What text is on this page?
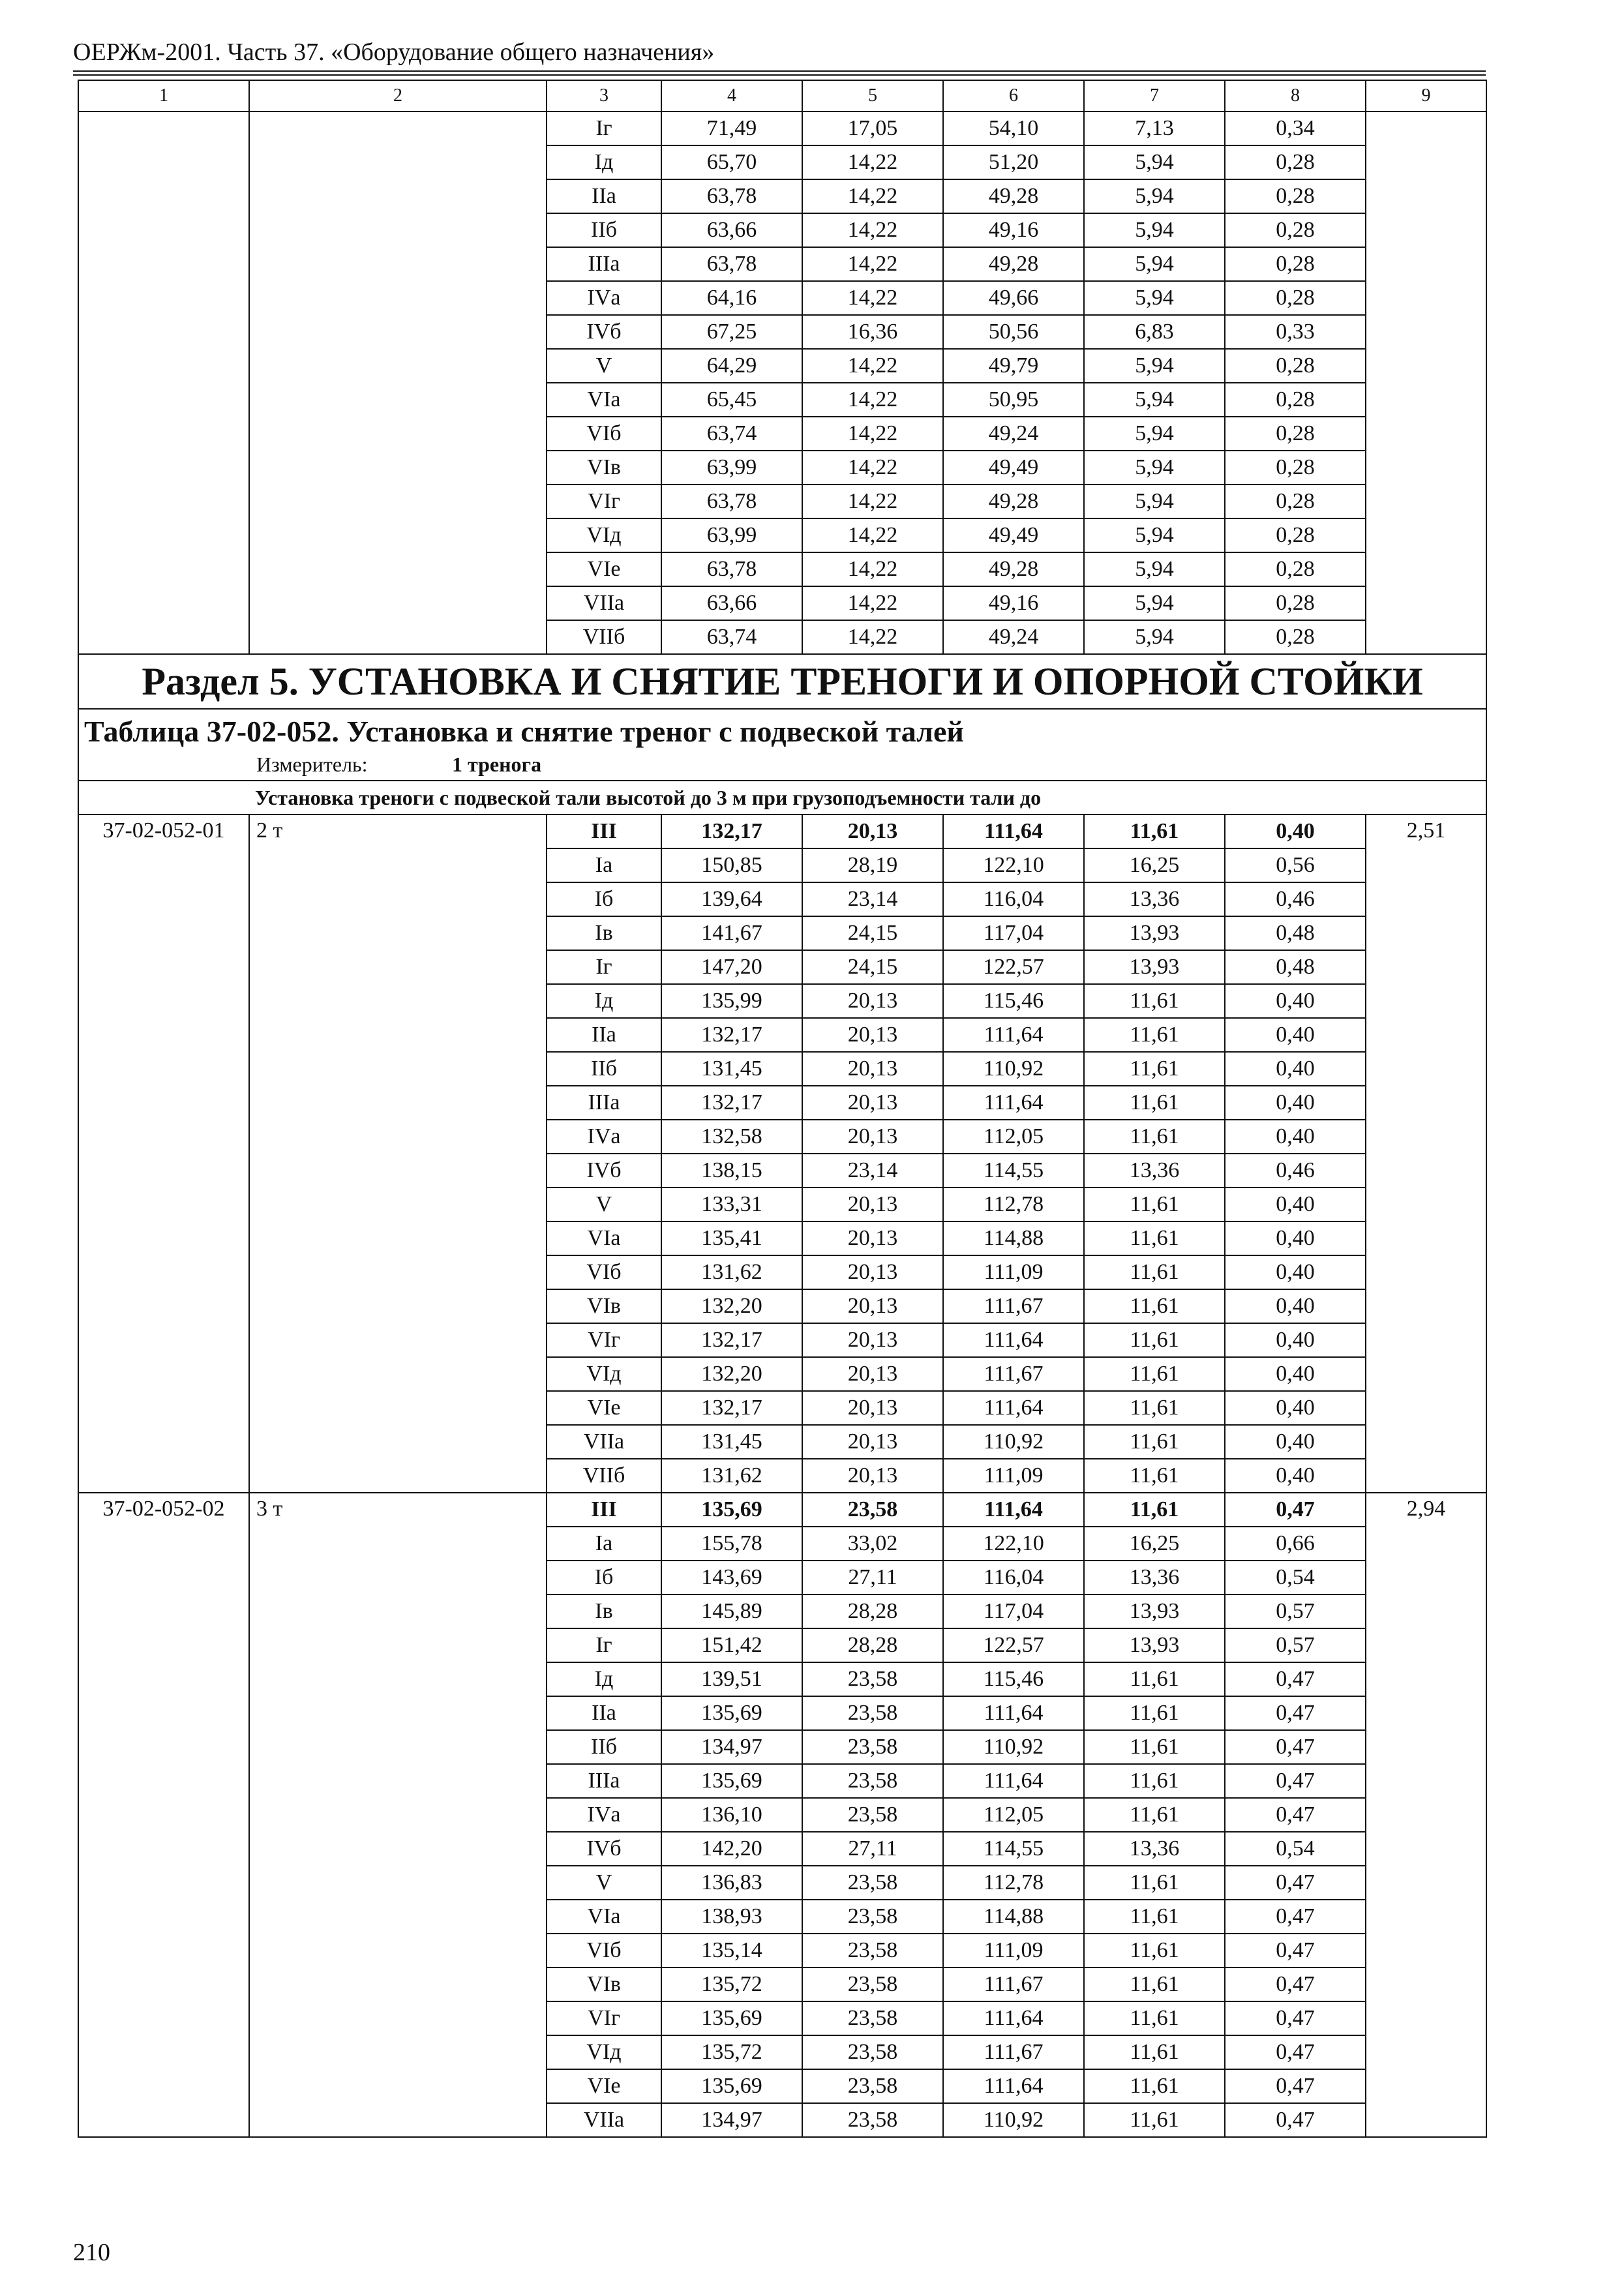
ОЕРЖм-2001. Часть 37. «Оборудование общего назначения»
1	2	3	4	5	6	7	8	9
		Iг	71,49	17,05	54,10	7,13	0,34	
		Iд	65,70	14,22	51,20	5,94	0,28	
		IIа	63,78	14,22	49,28	5,94	0,28	
		IIб	63,66	14,22	49,16	5,94	0,28	
		IIIа	63,78	14,22	49,28	5,94	0,28	
		IVа	64,16	14,22	49,66	5,94	0,28	
		IVб	67,25	16,36	50,56	6,83	0,33	
		V	64,29	14,22	49,79	5,94	0,28	
		VIа	65,45	14,22	50,95	5,94	0,28	
		VIб	63,74	14,22	49,24	5,94	0,28	
		VIв	63,99	14,22	49,49	5,94	0,28	
		VIг	63,78	14,22	49,28	5,94	0,28	
		VIд	63,99	14,22	49,49	5,94	0,28	
		VIе	63,78	14,22	49,28	5,94	0,28	
		VIIа	63,66	14,22	49,16	5,94	0,28	
		VIIб	63,74	14,22	49,24	5,94	0,28	
Раздел 5. УСТАНОВКА И СНЯТИЕ ТРЕНОГИ И ОПОРНОЙ СТОЙКИ								

Таблица 37-02-052. Установка и снятие треног с подвеской талей
Измеритель: 1 тренога								

Установка треноги с подвеской тали высотой до 3 м при грузоподъемности тали до								
37-02-052-01	2 т	III	132,17	20,13	111,64	11,61	0,40	2,51
		Iа	150,85	28,19	122,10	16,25	0,56	
		Iб	139,64	23,14	116,04	13,36	0,46	
		Iв	141,67	24,15	117,04	13,93	0,48	
		Iг	147,20	24,15	122,57	13,93	0,48	
		Iд	135,99	20,13	115,46	11,61	0,40	
		IIа	132,17	20,13	111,64	11,61	0,40	
		IIб	131,45	20,13	110,92	11,61	0,40	
		IIIа	132,17	20,13	111,64	11,61	0,40	
		IVа	132,58	20,13	112,05	11,61	0,40	
		IVб	138,15	23,14	114,55	13,36	0,46	
		V	133,31	20,13	112,78	11,61	0,40	
		VIа	135,41	20,13	114,88	11,61	0,40	
		VIб	131,62	20,13	111,09	11,61	0,40	
		VIв	132,20	20,13	111,67	11,61	0,40	
		VIг	132,17	20,13	111,64	11,61	0,40	
		VIд	132,20	20,13	111,67	11,61	0,40	
		VIе	132,17	20,13	111,64	11,61	0,40	
		VIIа	131,45	20,13	110,92	11,61	0,40	
		VIIб	131,62	20,13	111,09	11,61	0,40	
37-02-052-02	3 т	III	135,69	23,58	111,64	11,61	0,47	2,94
		Iа	155,78	33,02	122,10	16,25	0,66	
		Iб	143,69	27,11	116,04	13,36	0,54	
		Iв	145,89	28,28	117,04	13,93	0,57	
		Iг	151,42	28,28	122,57	13,93	0,57	
		Iд	139,51	23,58	115,46	11,61	0,47	
		IIа	135,69	23,58	111,64	11,61	0,47	
		IIб	134,97	23,58	110,92	11,61	0,47	
		IIIа	135,69	23,58	111,64	11,61	0,47	
		IVа	136,10	23,58	112,05	11,61	0,47	
		IVб	142,20	27,11	114,55	13,36	0,54	
		V	136,83	23,58	112,78	11,61	0,47	
		VIа	138,93	23,58	114,88	11,61	0,47	
		VIб	135,14	23,58	111,09	11,61	0,47	
		VIв	135,72	23,58	111,67	11,61	0,47	
		VIг	135,69	23,58	111,64	11,61	0,47	
		VIд	135,72	23,58	111,67	11,61	0,47	
		VIе	135,69	23,58	111,64	11,61	0,47	
		VIIа	134,97	23,58	110,92	11,61	0,47	
210
